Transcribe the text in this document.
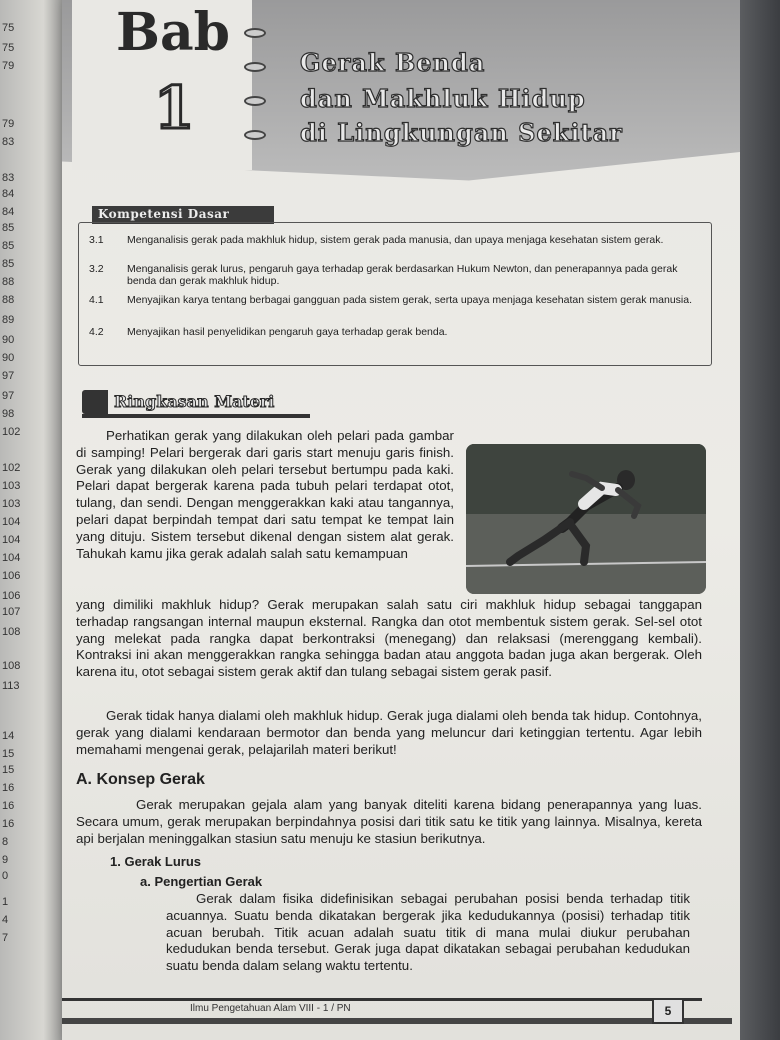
75
75
79
79
83
83
84
84
85
85
85
88
88
89
90
90
97
97
98
102
102
103
103
104
104
104
106
106
107
108
108
113
14
15
15
16
16
16
8
9
0
1
4
7
Bab
1
Gerak Benda
dan Makhluk Hidup
di Lingkungan Sekitar
Kompetensi Dasar
3.1 Menganalisis gerak pada makhluk hidup, sistem gerak pada manusia, dan upaya menjaga kesehatan sistem gerak.
3.2 Menganalisis gerak lurus, pengaruh gaya terhadap gerak berdasarkan Hukum Newton, dan penerapannya pada gerak benda dan gerak makhluk hidup.
4.1 Menyajikan karya tentang berbagai gangguan pada sistem gerak, serta upaya menjaga kesehatan sistem gerak manusia.
4.2 Menyajikan hasil penyelidikan pengaruh gaya terhadap gerak benda.
Ringkasan Materi
Perhatikan gerak yang dilakukan oleh pelari pada gambar di samping! Pelari bergerak dari garis start menuju garis finish. Gerak yang dilakukan oleh pelari tersebut bertumpu pada kaki. Pelari dapat bergerak karena pada tubuh pelari terdapat otot, tulang, dan sendi. Dengan menggerakkan kaki atau tangannya, pelari dapat berpindah tempat dari satu tempat ke tempat lain yang dituju. Sistem tersebut dikenal dengan sistem alat gerak. Tahukah kamu jika gerak adalah salah satu kemampuan
yang dimiliki makhluk hidup? Gerak merupakan salah satu ciri makhluk hidup sebagai tanggapan terhadap rangsangan internal maupun eksternal. Rangka dan otot membentuk sistem gerak. Sel-sel otot yang melekat pada rangka dapat berkontraksi (menegang) dan relaksasi (merenggang kembali). Kontraksi ini akan menggerakkan rangka sehingga badan atau anggota badan juga akan bergerak. Oleh karena itu, otot sebagai sistem gerak aktif dan tulang sebagai sistem gerak pasif.
Gerak tidak hanya dialami oleh makhluk hidup. Gerak juga dialami oleh benda tak hidup. Contohnya, gerak yang dialami kendaraan bermotor dan benda yang meluncur dari ketinggian tertentu. Agar lebih memahami mengenai gerak, pelajarilah materi berikut!
A. Konsep Gerak
Gerak merupakan gejala alam yang banyak diteliti karena bidang penerapannya yang luas. Secara umum, gerak merupakan berpindahnya posisi dari titik satu ke titik yang lainnya. Misalnya, kereta api berjalan meninggalkan stasiun satu menuju ke stasiun berikutnya.
1. Gerak Lurus
a. Pengertian Gerak
Gerak dalam fisika didefinisikan sebagai perubahan posisi benda terhadap titik acuannya. Suatu benda dikatakan bergerak jika kedudukannya (posisi) terhadap titik acuan berubah. Titik acuan adalah suatu titik di mana mulai diukur perubahan kedudukan benda tersebut. Gerak juga dapat dikatakan sebagai perubahan kedudukan suatu benda dalam selang waktu tertentu.
Ilmu Pengetahuan Alam VIII - 1 / PN	5
